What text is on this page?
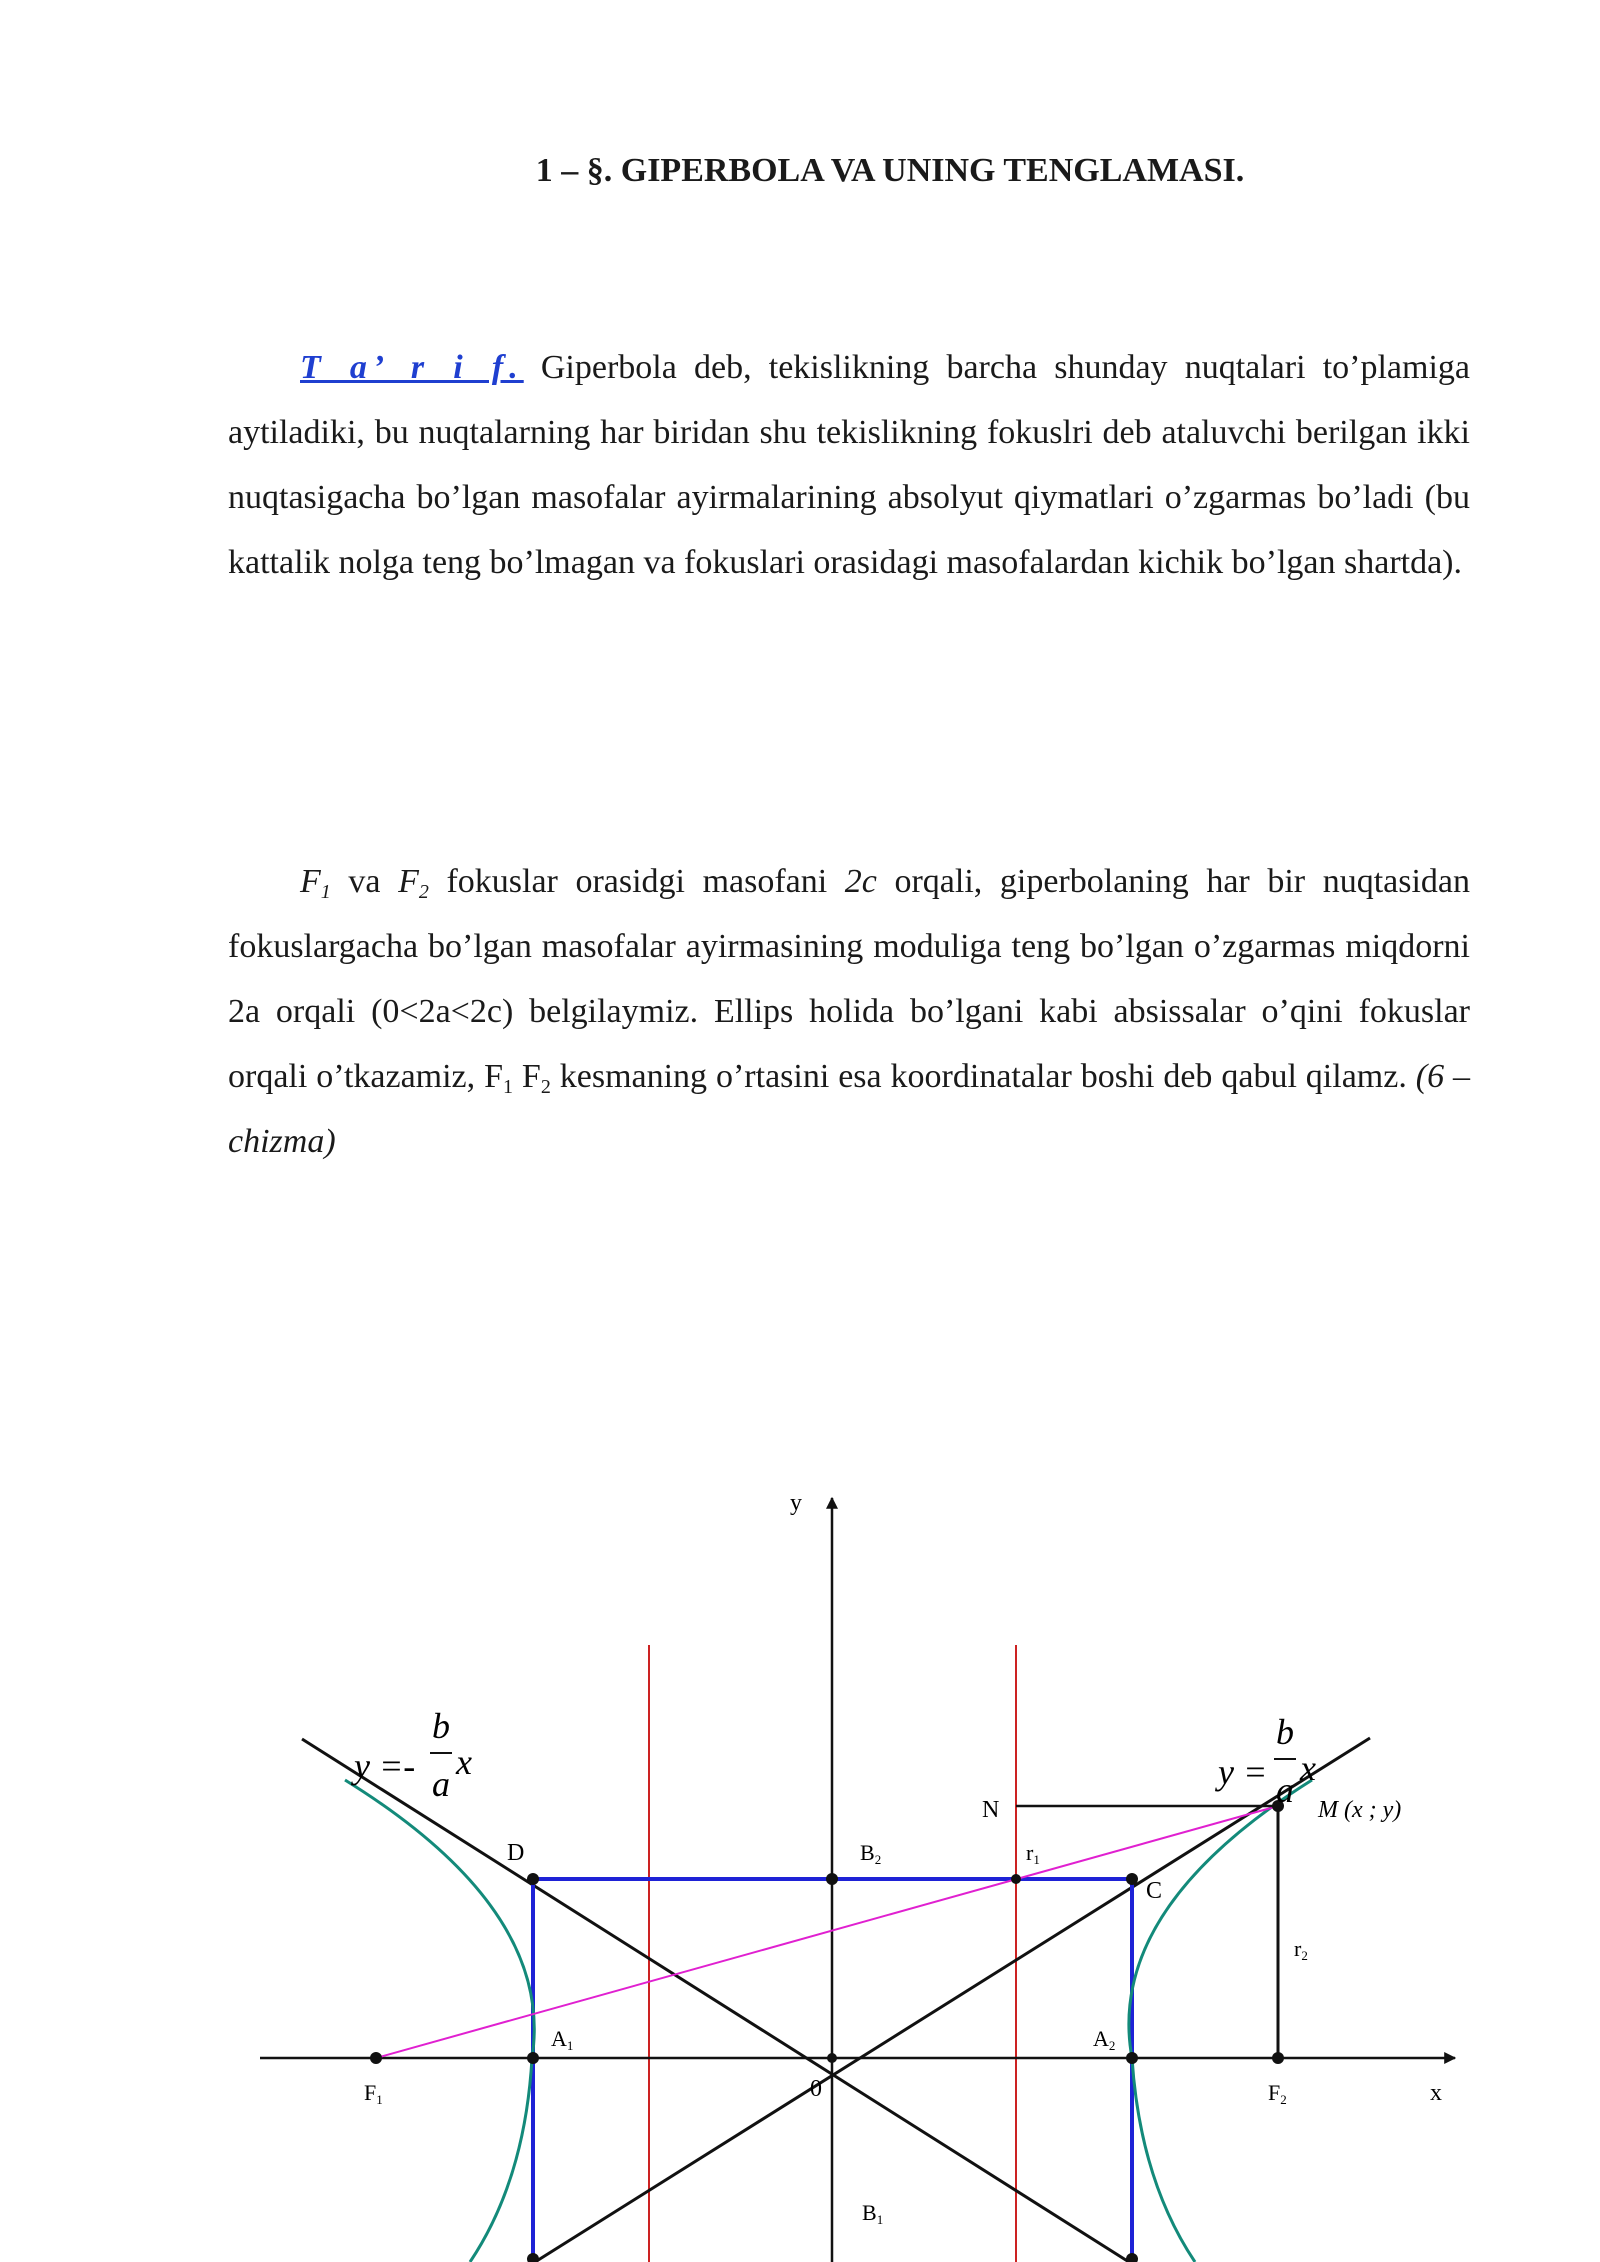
1 – §. GIPERBOLA VA UNING TENGLAMASI.

T a’ r i f. Giperbola deb, tekislikning barcha shunday nuqtalari to’plamiga aytiladiki, bu nuqtalarning har biridan shu tekislikning fokuslri deb ataluvchi berilgan ikki nuqtasigacha bo’lgan masofalar ayirmalarining absolyut qiymatlari o’zgarmas bo’ladi (bu kattalik nolga teng bo’lmagan va fokuslari orasidagi masofalardan kichik bo’lgan shartda).

$F_1$ va $F_2$ fokuslar orasidgi masofani 2c orqali, giperbolaning har bir nuqtasidan fokuslargacha bo’lgan masofalar ayirmasining moduliga teng bo’lgan o’zgarmas miqdorni 2a orqali (0<2a<2c) belgilaymiz. Ellips holida bo’lgani kabi absissalar o’qini fokuslar orqali o’tkazamiz, $F_1$ $F_2$ kesmaning o’rtasini esa koordinatalar boshi deb qabul qilamz. (6 – chizma)

y
x
0
F1	F2
A1	A2
B2
B1
C
D
N
r1
r2
M (x ; y)
y =-
b
a
x	y =
b
a
x
